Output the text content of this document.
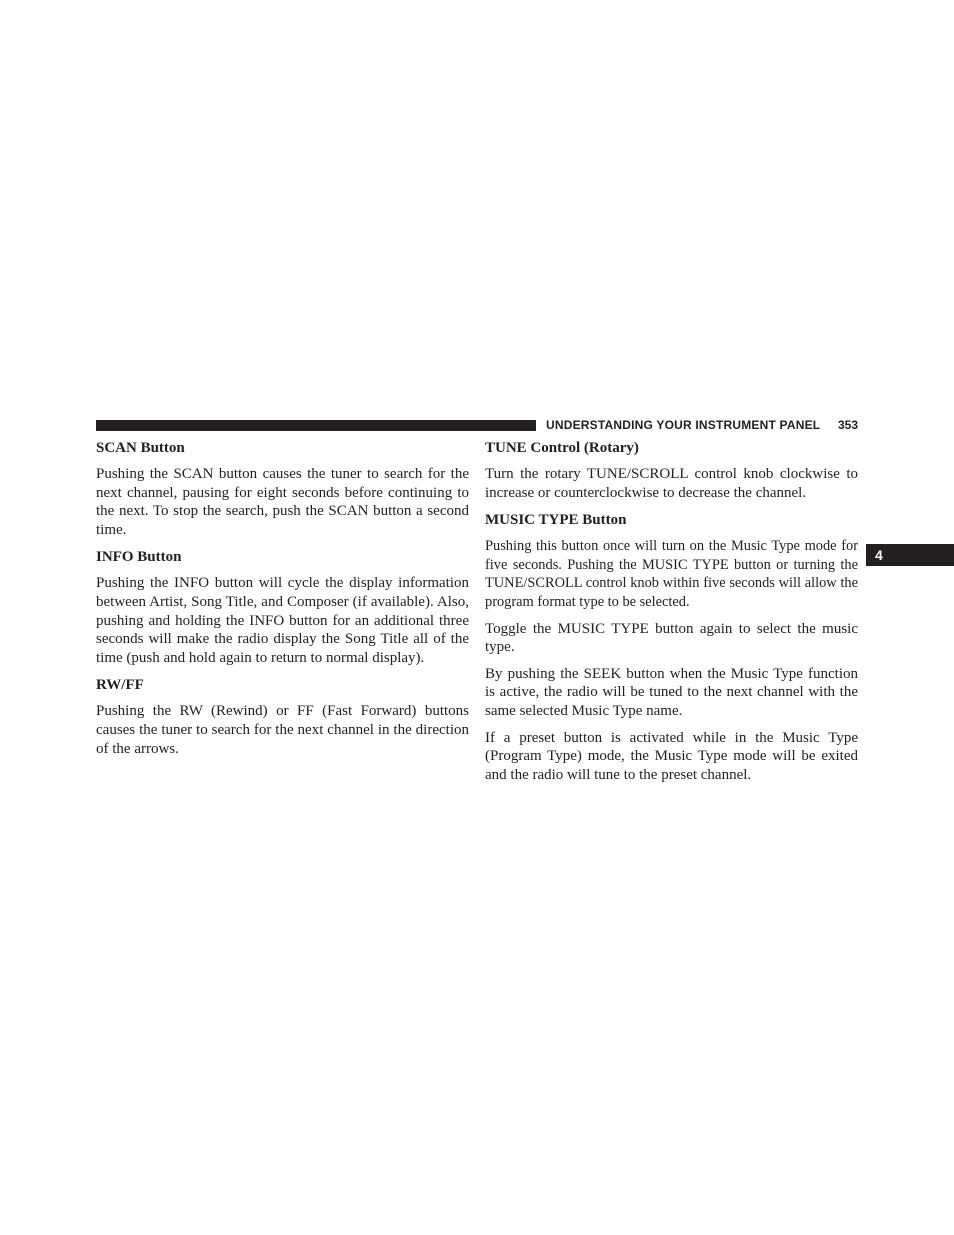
UNDERSTANDING YOUR INSTRUMENT PANEL 353
4
SCAN Button

Pushing the SCAN button causes the tuner to search for the next channel, pausing for eight seconds before continuing to the next. To stop the search, push the SCAN button a second time.

INFO Button

Pushing the INFO button will cycle the display information between Artist, Song Title, and Composer (if available). Also, pushing and holding the INFO button for an additional three seconds will make the radio display the Song Title all of the time (push and hold again to return to normal display).

RW/FF

Pushing the RW (Rewind) or FF (Fast Forward) buttons causes the tuner to search for the next channel in the direction of the arrows.

TUNE Control (Rotary)

Turn the rotary TUNE/SCROLL control knob clockwise to increase or counterclockwise to decrease the channel.

MUSIC TYPE Button

Pushing this button once will turn on the Music Type mode for five seconds. Pushing the MUSIC TYPE button or turning the TUNE/SCROLL control knob within five seconds will allow the program format type to be selected.

Toggle the MUSIC TYPE button again to select the music type.

By pushing the SEEK button when the Music Type function is active, the radio will be tuned to the next channel with the same selected Music Type name.

If a preset button is activated while in the Music Type (Program Type) mode, the Music Type mode will be exited and the radio will tune to the preset channel.
